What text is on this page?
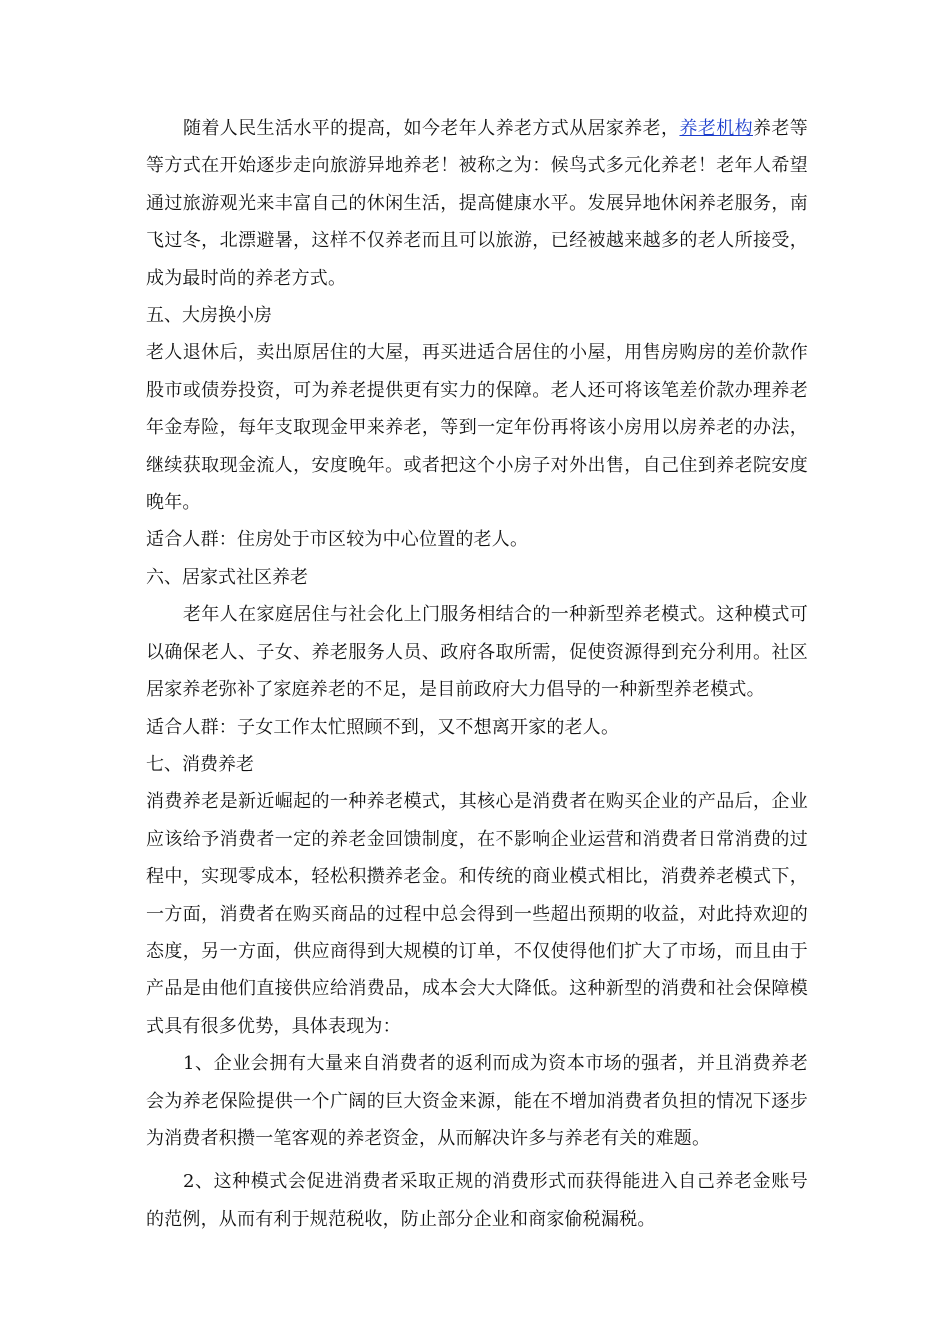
随着人民生活水平的提高，如今老年人养老方式从居家养老，养老机构养老等等方式在开始逐步走向旅游异地养老！被称之为：候鸟式多元化养老！老年人希望通过旅游观光来丰富自己的休闲生活，提高健康水平。发展异地休闲养老服务，南飞过冬，北漂避暑，这样不仅养老而且可以旅游，已经被越来越多的老人所接受，成为最时尚的养老方式。

五、大房换小房

老人退休后，卖出原居住的大屋，再买进适合居住的小屋，用售房购房的差价款作股市或债券投资，可为养老提供更有实力的保障。老人还可将该笔差价款办理养老年金寿险，每年支取现金甲来养老，等到一定年份再将该小房用以房养老的办法，继续获取现金流人，安度晚年。或者把这个小房子对外出售，自己住到养老院安度晚年。

适合人群：住房处于市区较为中心位置的老人。

六、居家式社区养老

老年人在家庭居住与社会化上门服务相结合的一种新型养老模式。这种模式可以确保老人、子女、养老服务人员、政府各取所需，促使资源得到充分利用。社区居家养老弥补了家庭养老的不足，是目前政府大力倡导的一种新型养老模式。

适合人群：子女工作太忙照顾不到，又不想离开家的老人。

七、消费养老

消费养老是新近崛起的一种养老模式，其核心是消费者在购买企业的产品后，企业应该给予消费者一定的养老金回馈制度，在不影响企业运营和消费者日常消费的过程中，实现零成本，轻松积攒养老金。和传统的商业模式相比，消费养老模式下，一方面，消费者在购买商品的过程中总会得到一些超出预期的收益，对此持欢迎的态度，另一方面，供应商得到大规模的订单，不仅使得他们扩大了市场，而且由于产品是由他们直接供应给消费品，成本会大大降低。这种新型的消费和社会保障模式具有很多优势，具体表现为：

1、企业会拥有大量来自消费者的返利而成为资本市场的强者，并且消费养老会为养老保险提供一个广阔的巨大资金来源，能在不增加消费者负担的情况下逐步为消费者积攒一笔客观的养老资金，从而解决许多与养老有关的难题。

2、这种模式会促进消费者采取正规的消费形式而获得能进入自己养老金账号的范例，从而有利于规范税收，防止部分企业和商家偷税漏税。
